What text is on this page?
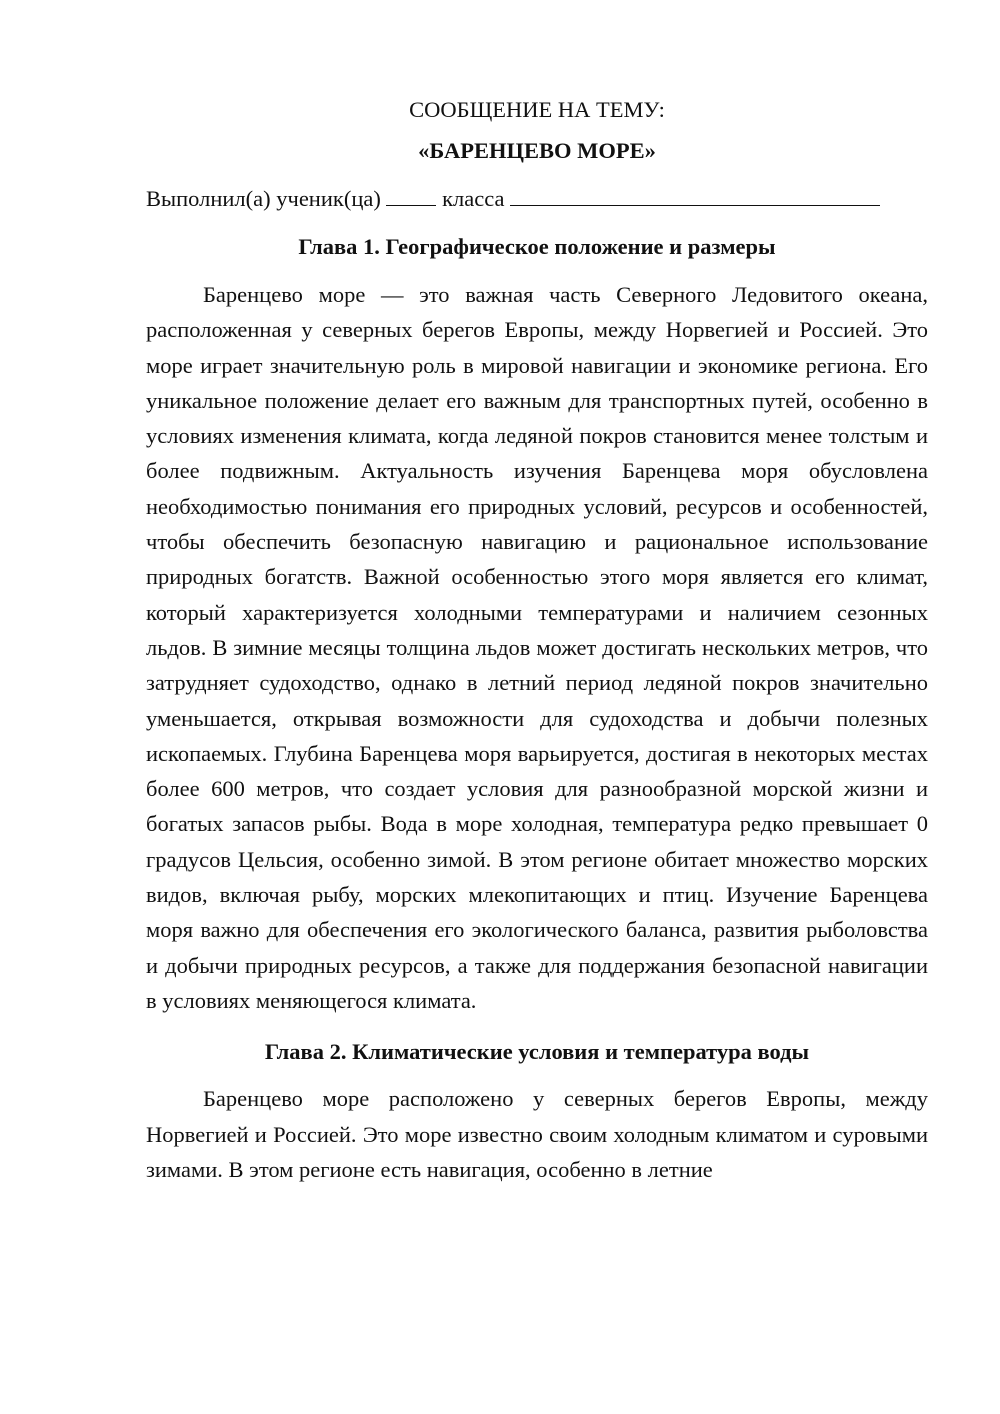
СООБЩЕНИЕ НА ТЕМУ:

«БАРЕНЦЕВО МОРЕ»

Выполнил(а) ученик(ца)  класса

Глава 1. Географическое положение и размеры

Баренцево море — это важная часть Северного Ледовитого океана, расположенная у северных берегов Европы, между Норвегией и Россией. Это море играет значительную роль в мировой навигации и экономике региона. Его уникальное положение делает его важным для транспортных путей, особенно в условиях изменения климата, когда ледяной покров становится менее толстым и более подвижным. Актуальность изучения Баренцева моря обусловлена необходимостью понимания его природных условий, ресурсов и особенностей, чтобы обеспечить безопасную навигацию и рациональное использование природных богатств. Важной особенностью этого моря является его климат, который характеризуется холодными температурами и наличием сезонных льдов. В зимние месяцы толщина льдов может достигать нескольких метров, что затрудняет судоходство, однако в летний период ледяной покров значительно уменьшается, открывая возможности для судоходства и добычи полезных ископаемых. Глубина Баренцева моря варьируется, достигая в некоторых местах более 600 метров, что создает условия для разнообразной морской жизни и богатых запасов рыбы. Вода в море холодная, температура редко превышает 0 градусов Цельсия, особенно зимой. В этом регионе обитает множество морских видов, включая рыбу, морских млекопитающих и птиц. Изучение Баренцева моря важно для обеспечения его экологического баланса, развития рыболовства и добычи природных ресурсов, а также для поддержания безопасной навигации в условиях меняющегося климата.

Глава 2. Климатические условия и температура воды

Баренцево море расположено у северных берегов Европы, между Норвегией и Россией. Это море известно своим холодным климатом и суровыми зимами. В этом регионе есть навигация, особенно в летние
